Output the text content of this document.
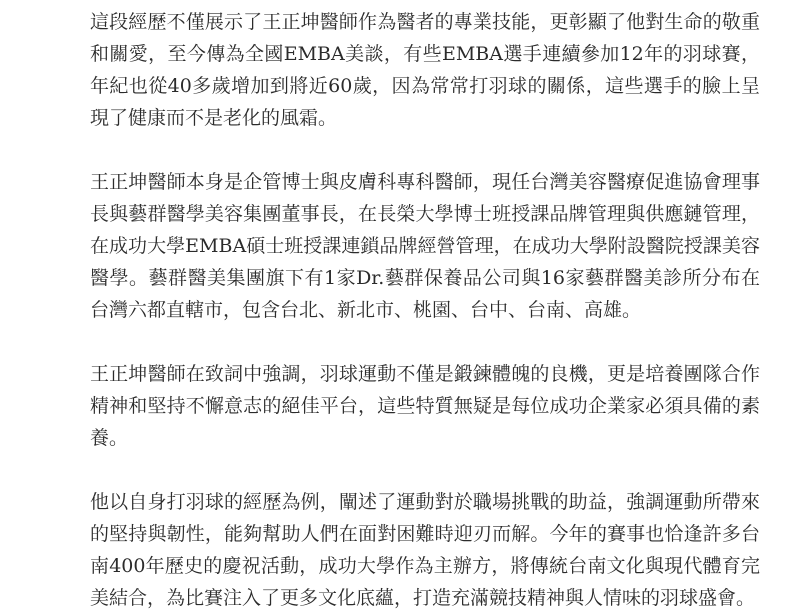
這段經歷不僅展示了王正坤醫師作為醫者的專業技能，更彰顯了他對生命的敬重和關愛，至今傳為全國EMBA美談，有些EMBA選手連續參加12年的羽球賽，年紀也從40多歲增加到將近60歲，因為常常打羽球的關係，這些選手的臉上呈現了健康而不是老化的風霜。

王正坤醫師本身是企管博士與皮膚科專科醫師，現任台灣美容醫療促進協會理事長與藝群醫學美容集團董事長，在長榮大學博士班授課品牌管理與供應鏈管理，在成功大學EMBA碩士班授課連鎖品牌經營管理，在成功大學附設醫院授課美容醫學。藝群醫美集團旗下有1家Dr.藝群保養品公司與16家藝群醫美診所分布在台灣六都直轄市，包含台北、新北市、桃園、台中、台南、高雄。

王正坤醫師在致詞中強調，羽球運動不僅是鍛鍊體魄的良機，更是培養團隊合作精神和堅持不懈意志的絕佳平台，這些特質無疑是每位成功企業家必須具備的素養。

他以自身打羽球的經歷為例，闡述了運動對於職場挑戰的助益，強調運動所帶來的堅持與韌性，能夠幫助人們在面對困難時迎刃而解。今年的賽事也恰逢許多台南400年歷史的慶祝活動，成功大學作為主辦方，將傳統台南文化與現代體育完美結合，為比賽注入了更多文化底蘊，打造充滿競技精神與人情味的羽球盛會。
